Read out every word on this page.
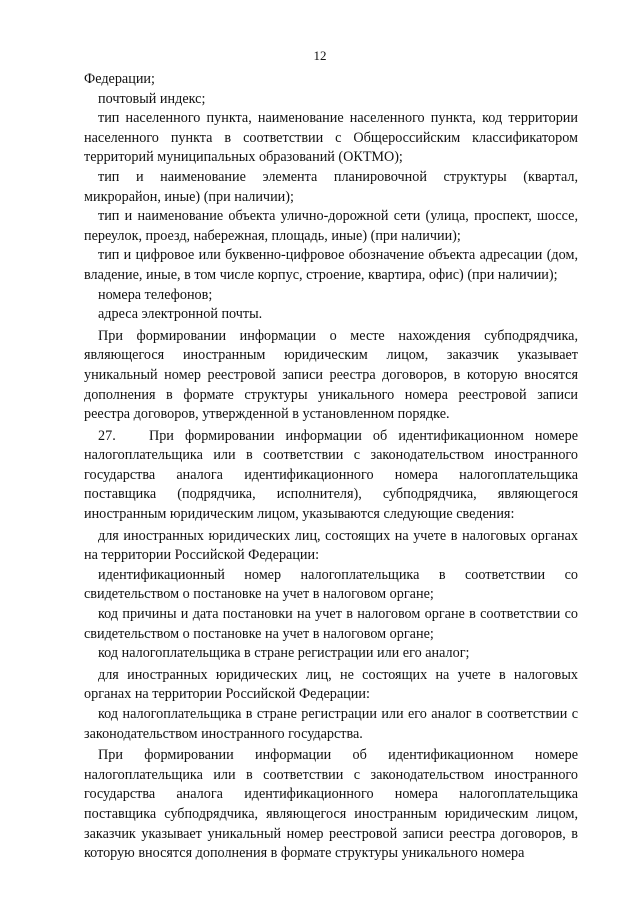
12

Федерации;

почтовый индекс;

тип населенного пункта, наименование населенного пункта, код территории населенного пункта в соответствии с Общероссийским классификатором территорий муниципальных образований (ОКТМО);

тип и наименование элемента планировочной структуры (квартал, микрорайон, иные) (при наличии);

тип и наименование объекта улично-дорожной сети (улица, проспект, шоссе, переулок, проезд, набережная, площадь, иные) (при наличии);

тип и цифровое или буквенно-цифровое обозначение объекта адресации (дом, владение, иные, в том числе корпус, строение, квартира, офис) (при наличии);

номера телефонов;

адреса электронной почты.

При формировании информации о месте нахождения субподрядчика, являющегося иностранным юридическим лицом, заказчик указывает уникальный номер реестровой записи реестра договоров, в которую вносятся дополнения в формате структуры уникального номера реестровой записи реестра договоров, утвержденной в установленном порядке.

27.   При формировании информации об идентификационном номере налогоплательщика или в соответствии с законодательством иностранного государства аналога идентификационного номера налогоплательщика поставщика (подрядчика, исполнителя), субподрядчика, являющегося иностранным юридическим лицом, указываются следующие сведения:

для иностранных юридических лиц, состоящих на учете в налоговых органах на территории Российской Федерации:

идентификационный номер налогоплательщика в соответствии со свидетельством о постановке на учет в налоговом органе;

код причины и дата постановки на учет в налоговом органе в соответствии со свидетельством о постановке на учет в налоговом органе;

код налогоплательщика в стране регистрации или его аналог;

для иностранных юридических лиц, не состоящих на учете в налоговых органах на территории Российской Федерации:

код налогоплательщика в стране регистрации или его аналог в соответствии с законодательством иностранного государства.

При формировании информации об идентификационном номере налогоплательщика или в соответствии с законодательством иностранного государства аналога идентификационного номера налогоплательщика поставщика субподрядчика, являющегося иностранным юридическим лицом, заказчик указывает уникальный номер реестровой записи реестра договоров, в которую вносятся дополнения в формате структуры уникального номера
